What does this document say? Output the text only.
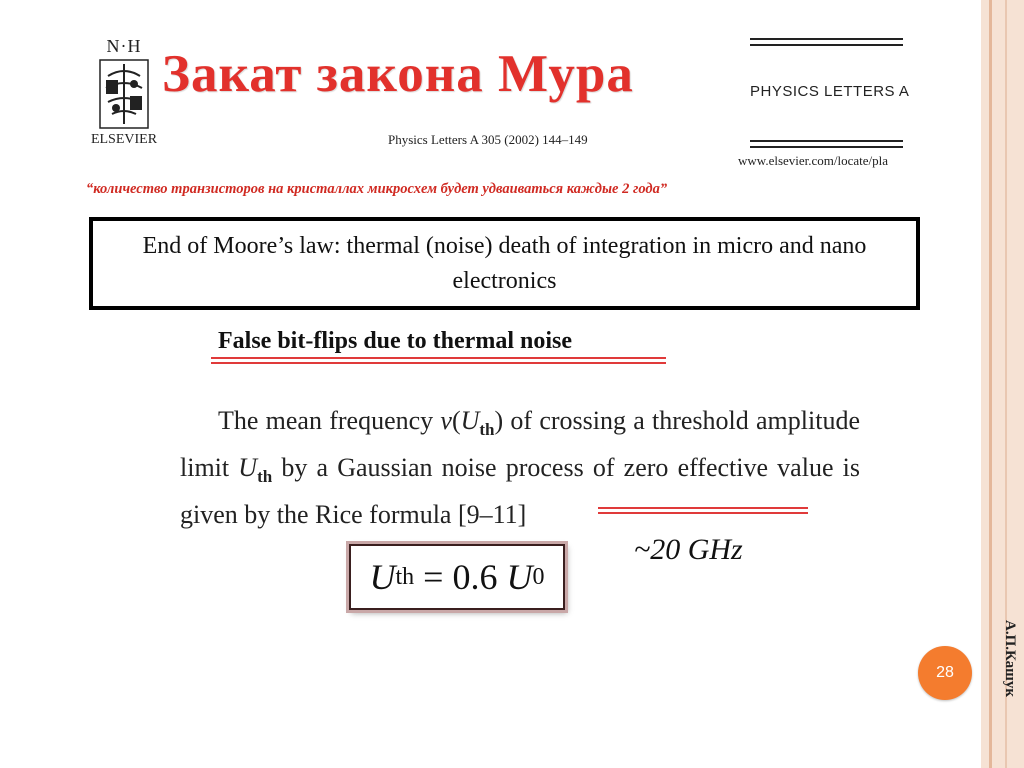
А.П.Кашук
28
N·H
ELSEVIER
Закат закона Мура	PHYSICS LETTERS A
Physics Letters A 305 (2002) 144–149
www.elsevier.com/locate/pla
“количество транзисторов на кристаллах микросхем будет удваиваться каждые 2 года”
End of Moore’s law: thermal (noise) death of integration in micro and nano electronics
False bit-flips due to thermal noise
The mean frequency $\nu(U_{th})$ of crossing a threshold amplitude limit $U_{th}$ by a Gaussian noise process of zero effective value is given by the Rice formula [9–11]
U th = 0.6 U 0
~20 GHz
